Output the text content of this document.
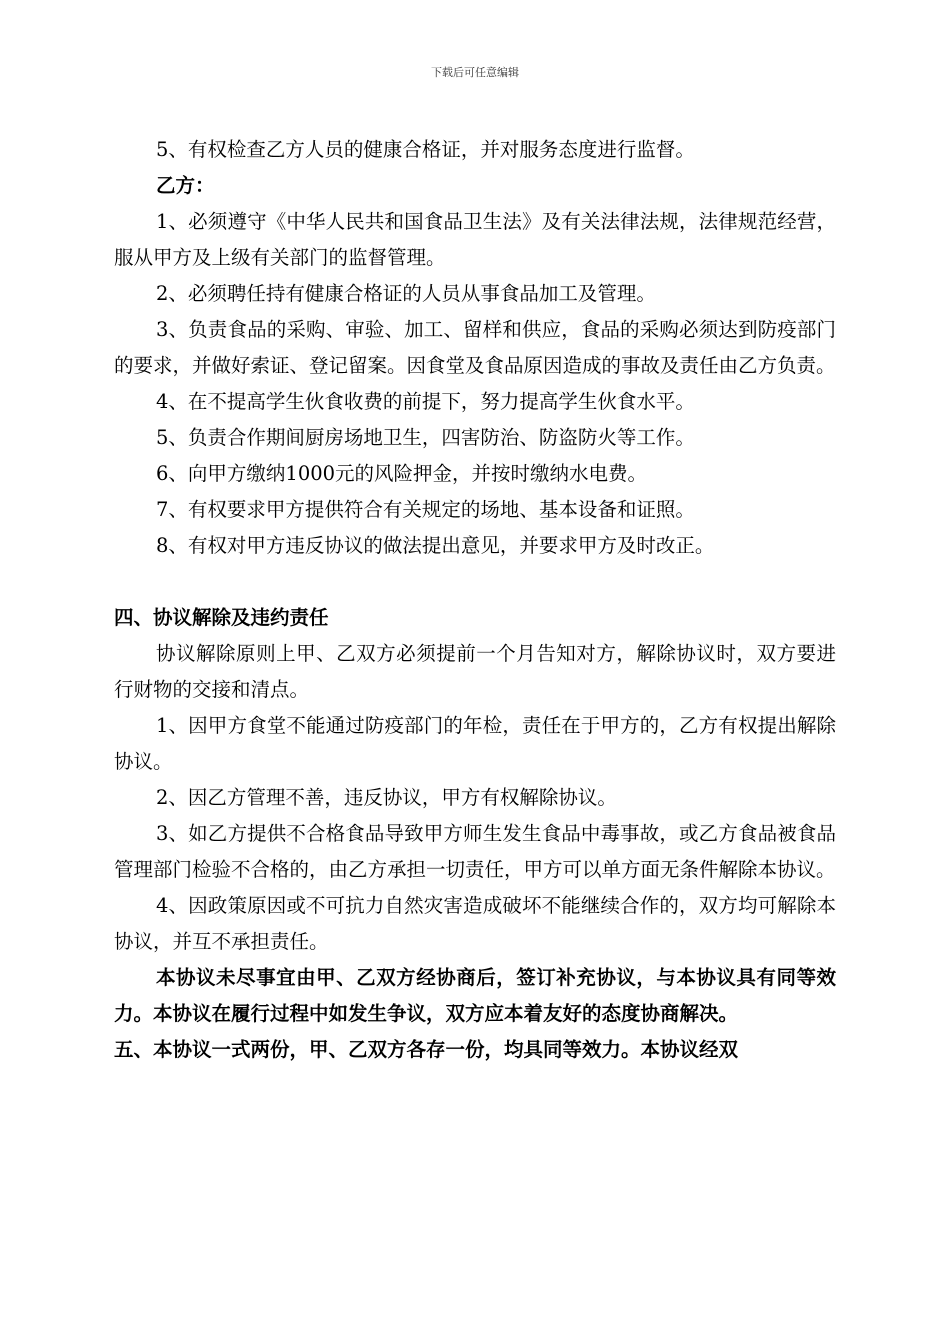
下载后可任意编辑

5、有权检查乙方人员的健康合格证，并对服务态度进行监督。

乙方：

1、必须遵守《中华人民共和国食品卫生法》及有关法律法规，法律规范经营，服从甲方及上级有关部门的监督管理。

2、必须聘任持有健康合格证的人员从事食品加工及管理。

3、负责食品的采购、审验、加工、留样和供应，食品的采购必须达到防疫部门的要求，并做好索证、登记留案。因食堂及食品原因造成的事故及责任由乙方负责。

4、在不提高学生伙食收费的前提下，努力提高学生伙食水平。

5、负责合作期间厨房场地卫生，四害防治、防盗防火等工作。

6、向甲方缴纳1000元的风险押金，并按时缴纳水电费。

7、有权要求甲方提供符合有关规定的场地、基本设备和证照。

8、有权对甲方违反协议的做法提出意见，并要求甲方及时改正。

四、协议解除及违约责任

协议解除原则上甲、乙双方必须提前一个月告知对方，解除协议时，双方要进行财物的交接和清点。

1、因甲方食堂不能通过防疫部门的年检，责任在于甲方的，乙方有权提出解除协议。

2、因乙方管理不善，违反协议，甲方有权解除协议。

3、如乙方提供不合格食品导致甲方师生发生食品中毒事故，或乙方食品被食品管理部门检验不合格的，由乙方承担一切责任，甲方可以单方面无条件解除本协议。

4、因政策原因或不可抗力自然灾害造成破坏不能继续合作的，双方均可解除本协议，并互不承担责任。

本协议未尽事宜由甲、乙双方经协商后，签订补充协议，与本协议具有同等效力。本协议在履行过程中如发生争议，双方应本着友好的态度协商解决。

五、本协议一式两份，甲、乙双方各存一份，均具同等效力。本协议经双
